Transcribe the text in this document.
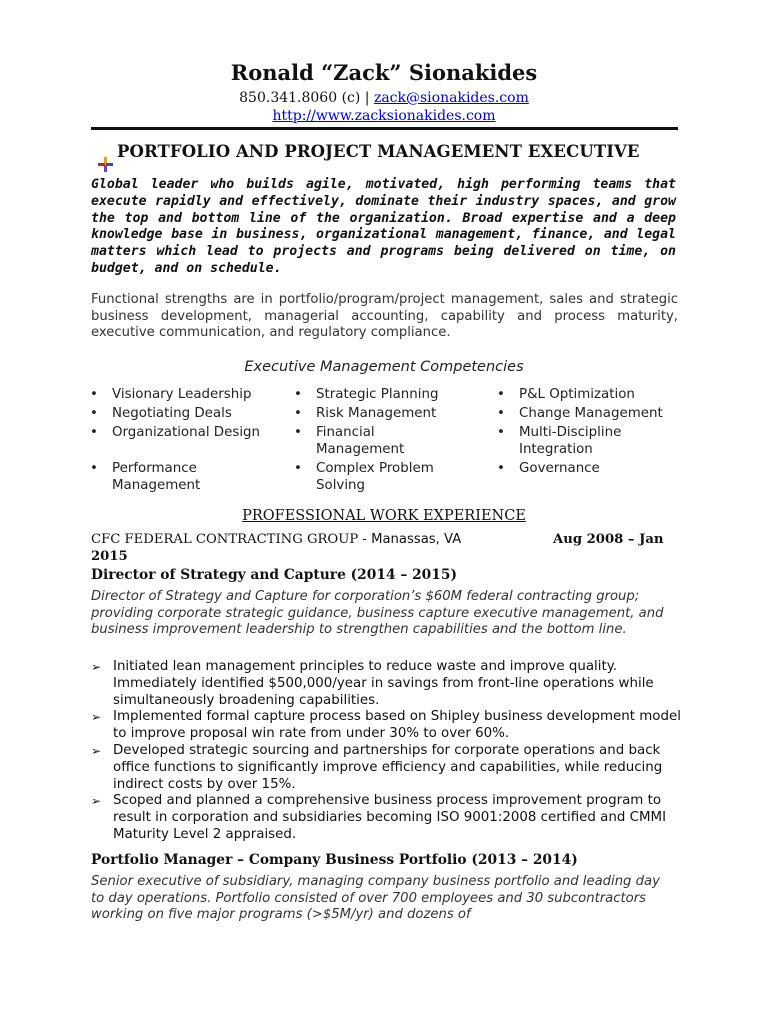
Ronald “Zack” Sionakides
850.341.8060 (c) | zack@sionakides.com
http://www.zacksionakides.com
PORTFOLIO AND PROJECT MANAGEMENT EXECUTIVE
Global leader who builds agile, motivated, high performing teams that execute rapidly and effectively, dominate their industry spaces, and grow the top and bottom line of the organization. Broad expertise and a deep knowledge base in business, organizational management, finance, and legal matters which lead to projects and programs being delivered on time, on budget, and on schedule.
Functional strengths are in portfolio/program/project management, sales and strategic business development, managerial accounting, capability and process maturity, executive communication, and regulatory compliance.
Executive Management Competencies
• Visionary Leadership
• Negotiating Deals
• Organizational Design
• Performance Management
• Strategic Planning
• Risk Management
• Financial Management
• Complex Problem Solving
• P&L Optimization
• Change Management
• Multi-Discipline Integration
• Governance
PROFESSIONAL WORK EXPERIENCE
CFC FEDERAL CONTRACTING GROUP - Manassas, VA	Aug 2008 – Jan
2015
Director of Strategy and Capture (2014 – 2015)
Director of Strategy and Capture for corporation’s $60M federal contracting group; providing corporate strategic guidance, business capture executive management, and business improvement leadership to strengthen capabilities and the bottom line.
➢ Initiated lean management principles to reduce waste and improve quality. Immediately identified $500,000/year in savings from front-line operations while simultaneously broadening capabilities.
➢ Implemented formal capture process based on Shipley business development model to improve proposal win rate from under 30% to over 60%.
➢ Developed strategic sourcing and partnerships for corporate operations and back office functions to significantly improve efficiency and capabilities, while reducing indirect costs by over 15%.
➢ Scoped and planned a comprehensive business process improvement program to result in corporation and subsidiaries becoming ISO 9001:2008 certified and CMMI Maturity Level 2 appraised.
Portfolio Manager – Company Business Portfolio (2013 – 2014)
Senior executive of subsidiary, managing company business portfolio and leading day to day operations. Portfolio consisted of over 700 employees and 30 subcontractors working on five major programs (>$5M/yr) and dozens of
